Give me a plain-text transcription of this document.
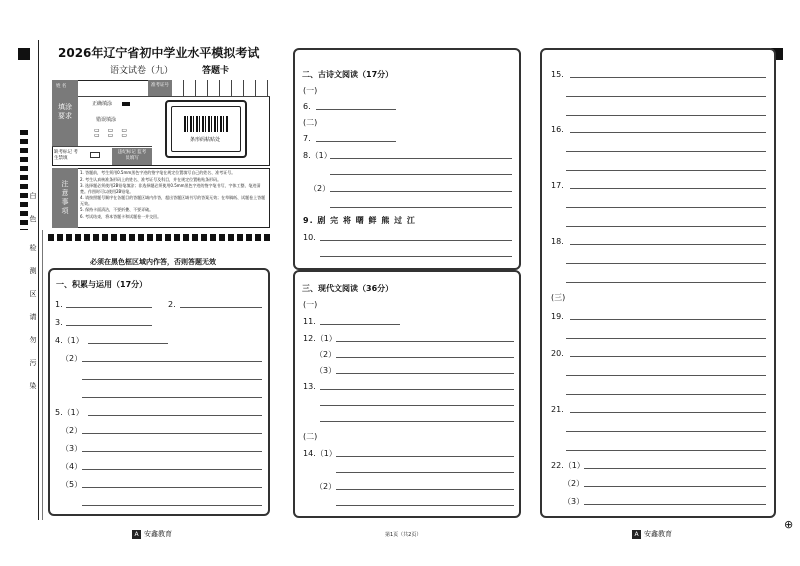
白
色
检
测
区
请
勿
污
染
2026年辽宁省初中学业水平模拟考试
语文试卷（九）	答题卡
姓 名	准考证号
填涂要求
正确填涂
错误填涂
▭▭▭
▭▭▭
缺考标记 考生禁填
违纪标记 监考员填写
条形码粘贴处
注意事项
1. 答题前，考生须用0.5mm黑色字迹的签字笔在规定位置填写自己的姓名、准考证号。
2. 考生认真核准条形码上的姓名、准考证号及科目，并在规定位置粘贴条形码。
3. 选择题必须使用2B铅笔填涂；非选择题必须使用0.5mm黑色字迹的签字笔书写，字体工整、笔迹清楚。作图时可以使用2B铅笔。
4. 请按照题号顺序在各题目的答题区域内作答，超出答题区域书写的答案无效；在草稿纸、试题卷上答题无效。
5. 保持卡面清洁，不要折叠、不要弄破。
6. 考试结束，将本答题卡和试题卷一并交回。
必须在黑色框区域内作答，否则答题无效
一、积累与运用（17分）
1.	2.
3.
4.（1）
（2）
5.（1）
（2）
（3）
（4）
（5）
二、古诗文阅读（17分）
(一)
6.
(二)
7.
8.（1）
（2）
9. 剧 完 将 曙 鲜 熊 过 江
10.
三、现代文阅读（36分）
(一)
11.
12.（1）
（2）
（3）
13.
(二)
14.（1）
（2）
15.
16.
17.
18.
(三)
19.
20.
21.
22.（1）
（2）
（3）
⊕
A 安鑫教育	第1页（共2页）	A 安鑫教育
